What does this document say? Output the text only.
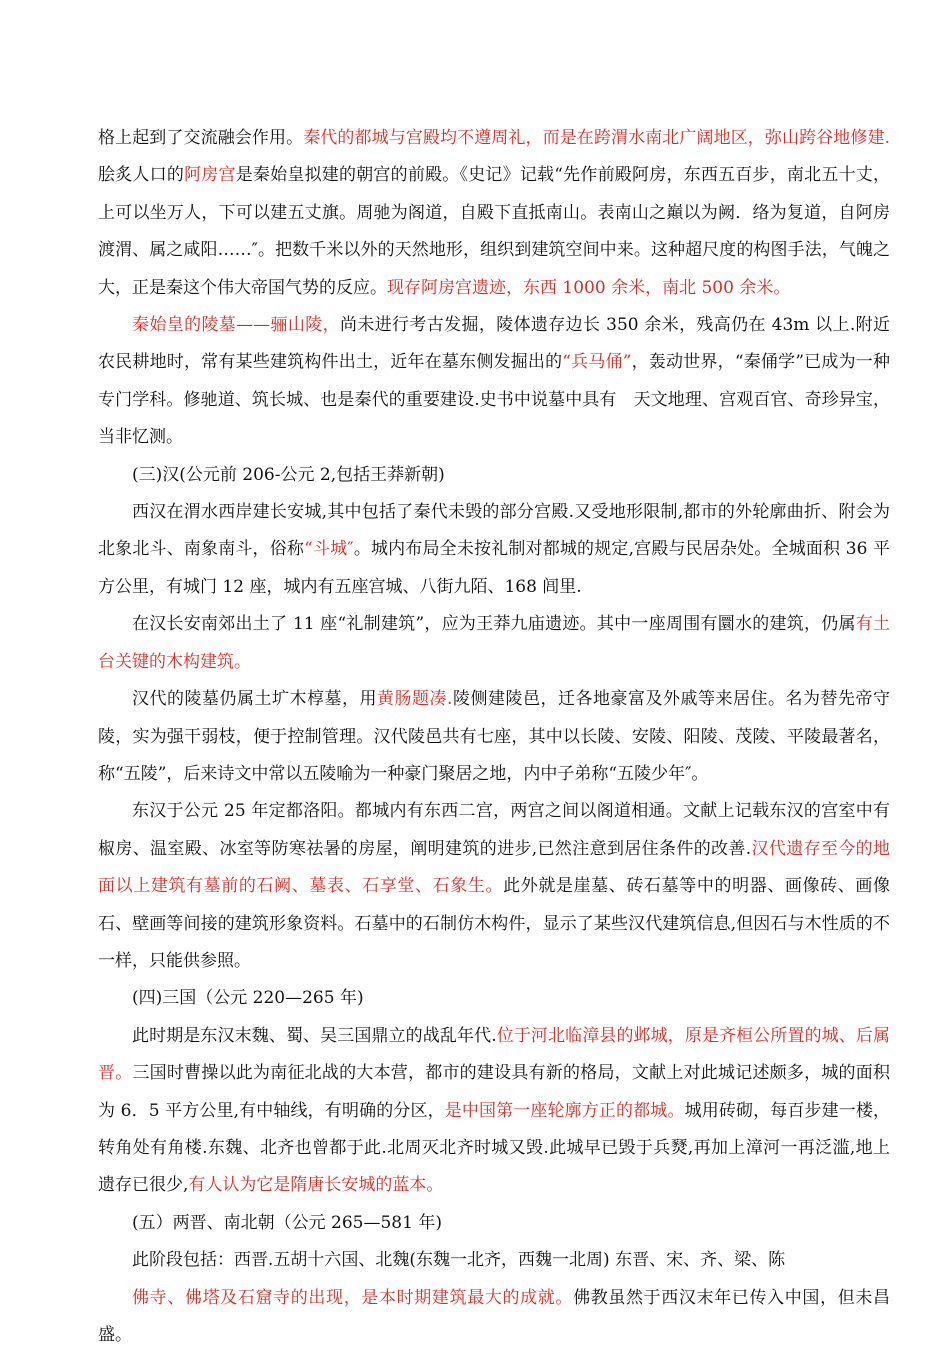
格上起到了交流融会作用。秦代的都城与宫殿均不遵周礼，而是在跨渭水南北广阔地区，弥山跨谷地修建.脍炙人口的阿房宫是秦始皇拟建的朝宫的前殿。《史记》记载“先作前殿阿房，东西五百步，南北五十丈，上可以坐万人，下可以建五丈旗。周驰为阁道，自殿下直抵南山。表南山之巔以为阙．络为复道，自阿房渡渭、属之咸阳……″。把数千米以外的天然地形，组织到建筑空间中来。这种超尺度的构图手法，气魄之大，正是秦这个伟大帝国气势的反应。现存阿房宫遗迹，东西 1000 余米，南北 500 余米。

秦始皇的陵墓——骊山陵，尚未进行考古发掘，陵体遗存边长 350 余米，残高仍在 43m 以上.附近农民耕地时，常有某些建筑构件出土，近年在墓东侧发掘出的“兵马俑”，轰动世界，“秦俑学”已成为一种专门学科。修驰道、筑长城、也是秦代的重要建设.史书中说墓中具有　天文地理、宫观百官、奇珍异宝，当非忆测。

(三)汉(公元前 206-公元 2,包括王莽新朝)

西汉在渭水西岸建长安城,其中包括了秦代未毁的部分宫殿.又受地形限制,都市的外轮廓曲折、附会为北象北斗、南象南斗，俗称“斗城″。城内布局全未按礼制对都城的规定,宫殿与民居杂处。全城面积 36 平方公里，有城门 12 座，城内有五座宫城、八街九陌、168 闾里.

在汉长安南郊出土了 11 座“礼制建筑”，应为王莽九庙遗迹。其中一座周围有圜水的建筑，仍属有土台关键的木构建筑。

汉代的陵墓仍属土圹木椁墓，用黄肠题凑.陵侧建陵邑，迁各地豪富及外戚等来居住。名为替先帝守陵，实为强干弱枝，便于控制管理。汉代陵邑共有七座，其中以长陵、安陵、阳陵、茂陵、平陵最著名，称“五陵”，后来诗文中常以五陵喻为一种豪门聚居之地，内中子弟称“五陵少年″。

东汉于公元 25 年定都洛阳。都城内有东西二宫，两宫之间以阁道相通。文献上记载东汉的宫室中有椒房、温室殿、冰室等防寒祛暑的房屋，阐明建筑的进步,已然注意到居住条件的改善.汉代遗存至今的地面以上建筑有墓前的石阙、墓表、石享堂、石象生。此外就是崖墓、砖石墓等中的明器、画像砖、画像石、壁画等间接的建筑形象资料。石墓中的石制仿木构件，显示了某些汉代建筑信息,但因石与木性质的不一样，只能供参照。

(四)三国（公元 220—265 年)

此时期是东汉末魏、蜀、吴三国鼎立的战乱年代.位于河北临漳县的邺城，原是齐桓公所置的城、后属晋。三国时曹操以此为南征北战的大本营，都市的建设具有新的格局，文献上对此城记述颇多，城的面积为 6．5 平方公里,有中轴线，有明确的分区，是中国第一座轮廓方正的都城。城用砖砌，每百步建一楼，转角处有角楼.东魏、北齐也曾都于此.北周灭北齐时城又毁.此城早已毁于兵燹,再加上漳河一再泛滥,地上遗存已很少,有人认为它是隋唐长安城的蓝本。

(五）两晋、南北朝（公元 265—581 年)

此阶段包括：西晋.五胡十六国、北魏(东魏一北齐，西魏一北周) 东晋、宋、齐、梁、陈

佛寺、佛塔及石窟寺的出现，是本时期建筑最大的成就。佛教虽然于西汉末年已传入中国，但未昌盛。
